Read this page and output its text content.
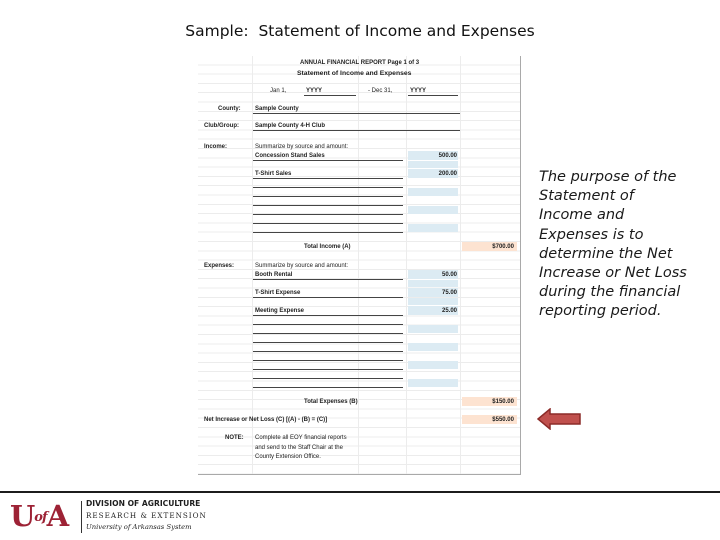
Sample:  Statement of Income and Expenses
ANNUAL FINANCIAL REPORT Page 1 of 3
Statement of Income and Expenses
Jan 1,	YYYY	- Dec 31,	YYYY
County: Sample County
Club/Group:	Sample County 4-H Club
Income:	Summarize by source and amount:
Concession Stand Sales	500.00
T-Shirt Sales	200.00
Total Income (A)	$700.00
Expenses:	Summarize by source and amount:
Booth Rental	50.00
T-Shirt Expense	75.00
Meeting Expense	25.00
Total Expenses (B)	$150.00
Net Increase or Net Loss (C) [(A) - (B) = (C)]	$550.00
NOTE: Complete all EOY financial reports
and send to the Staff Chair at the
County Extension Office.
The purpose of the Statement of Income and Expenses is to determine the Net Increase or Net Loss during the financial reporting period.
UofA DIVISION OF AGRICULTURE
RESEARCH & EXTENSION
University of Arkansas System
